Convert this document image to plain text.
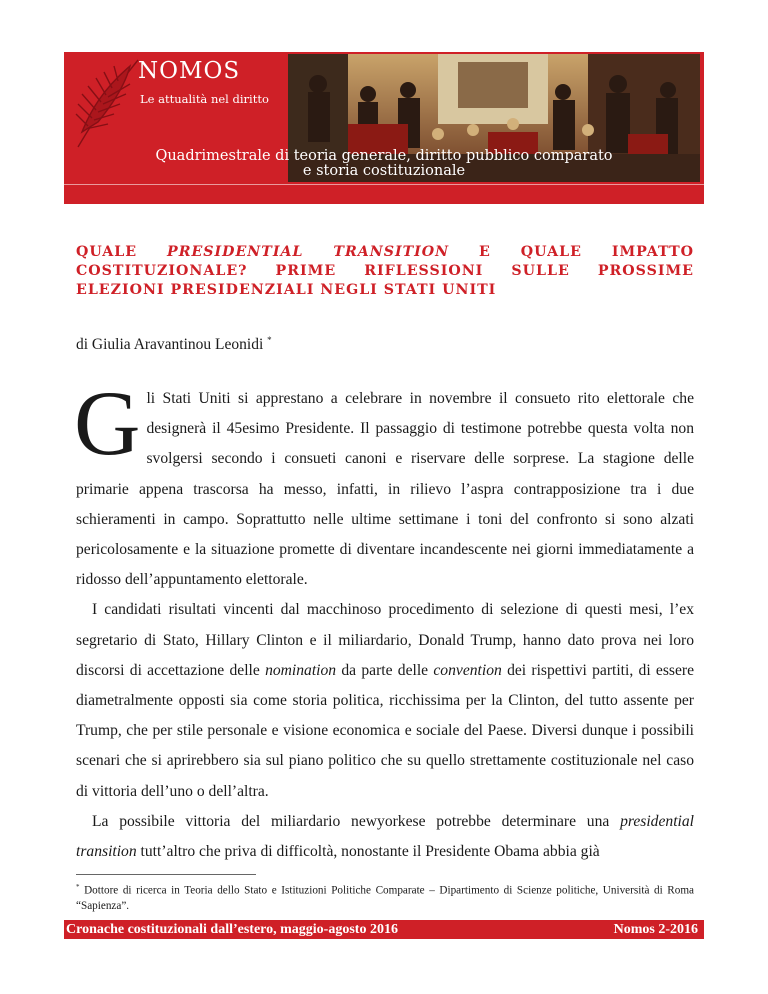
NOMOS
Le attualità nel diritto
Quadrimestrale di teoria generale, diritto pubblico comparato
e storia costituzionale
QUALE PRESIDENTIAL TRANSITION E QUALE IMPATTO COSTITUZIONALE? PRIME RIFLESSIONI SULLE PROSSIME ELEZIONI PRESIDENZIALI NEGLI STATI UNITI
di Giulia Aravantinou Leonidi *

Gli Stati Uniti si apprestano a celebrare in novembre il consueto rito elettorale che designerà il 45esimo Presidente. Il passaggio di testimone potrebbe questa volta non svolgersi secondo i consueti canoni e riservare delle sorprese. La stagione delle primarie appena trascorsa ha messo, infatti, in rilievo l’aspra contrapposizione tra i due schieramenti in campo. Soprattutto nelle ultime settimane i toni del confronto si sono alzati pericolosamente e la situazione promette di diventare incandescente nei giorni immediatamente a ridosso dell’appuntamento elettorale.

I candidati risultati vincenti dal macchinoso procedimento di selezione di questi mesi, l’ex segretario di Stato, Hillary Clinton e il miliardario, Donald Trump, hanno dato prova nei loro discorsi di accettazione delle nomination da parte delle convention dei rispettivi partiti, di essere diametralmente opposti sia come storia politica, ricchissima per la Clinton, del tutto assente per Trump, che per stile personale e visione economica e sociale del Paese. Diversi dunque i possibili scenari che si aprirebbero sia sul piano politico che su quello strettamente costituzionale nel caso di vittoria dell’uno o dell’altra.

La possibile vittoria del miliardario newyorkese potrebbe determinare una presidential transition tutt’altro che priva di difficoltà, nonostante il Presidente Obama abbia già

* Dottore di ricerca in Teoria dello Stato e Istituzioni Politiche Comparate – Dipartimento di Scienze politiche, Università di Roma “Sapienza”.

Cronache costituzionali dall’estero, maggio-agosto 2016	Nomos 2-2016
